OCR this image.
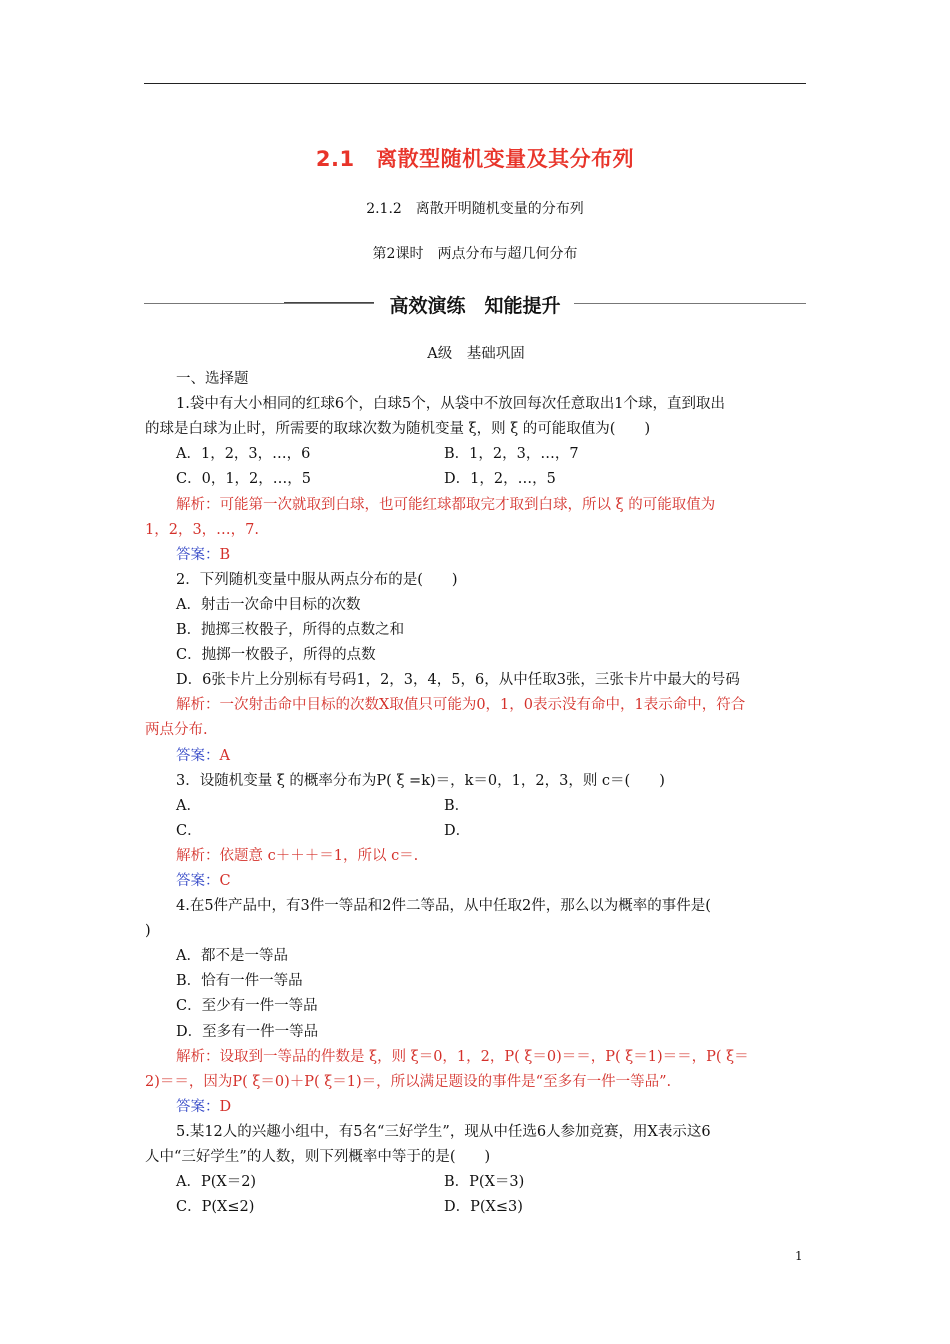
2.1　离散型随机变量及其分布列
2.1.2　离散开明随机变量的分布列
第2课时　两点分布与超几何分布
高效演练　知能提升
A级　基础巩固
一、选择题
1.袋中有大小相同的红球6个，白球5个，从袋中不放回每次任意取出1个球，直到取出
的球是白球为止时，所需要的取球次数为随机变量 ξ，则 ξ 的可能取值为(　　)
A．1，2，3，…，6	B．1，2，3，…，7
C．0，1，2，…，5	D．1，2，…，5
解析：可能第一次就取到白球，也可能红球都取完才取到白球，所以 ξ 的可能取值为
1，2，3，…，7.
答案：B
2．下列随机变量中服从两点分布的是(　　)
A．射击一次命中目标的次数
B．抛掷三枚骰子，所得的点数之和
C．抛掷一枚骰子，所得的点数
D．6张卡片上分别标有号码1，2，3，4，5，6，从中任取3张，三张卡片中最大的号码
解析：一次射击命中目标的次数X取值只可能为0，1，0表示没有命中，1表示命中，符合
两点分布.
答案：A
3．设随机变量 ξ 的概率分布为P( ξ =k)＝，k＝0，1，2，3，则 c＝(　　)
A．	B．
C．	D．
解析：依题意 c＋＋＋＝1，所以 c＝.
答案：C
4.在5件产品中，有3件一等品和2件二等品，从中任取2件，那么以为概率的事件是(
)
A．都不是一等品
B．恰有一件一等品
C．至少有一件一等品
D．至多有一件一等品
解析：设取到一等品的件数是 ξ，则 ξ＝0，1，2，P( ξ＝0)＝＝，P( ξ＝1)＝＝，P( ξ＝
2)＝＝，因为P( ξ＝0)＋P( ξ＝1)＝，所以满足题设的事件是“至多有一件一等品”.
答案：D
5.某12人的兴趣小组中，有5名“三好学生”，现从中任选6人参加竞赛，用X表示这6
人中“三好学生”的人数，则下列概率中等于的是(　　)
A．P(X＝2)	B．P(X＝3)
C．P(X≤2)	D．P(X≤3)
1
